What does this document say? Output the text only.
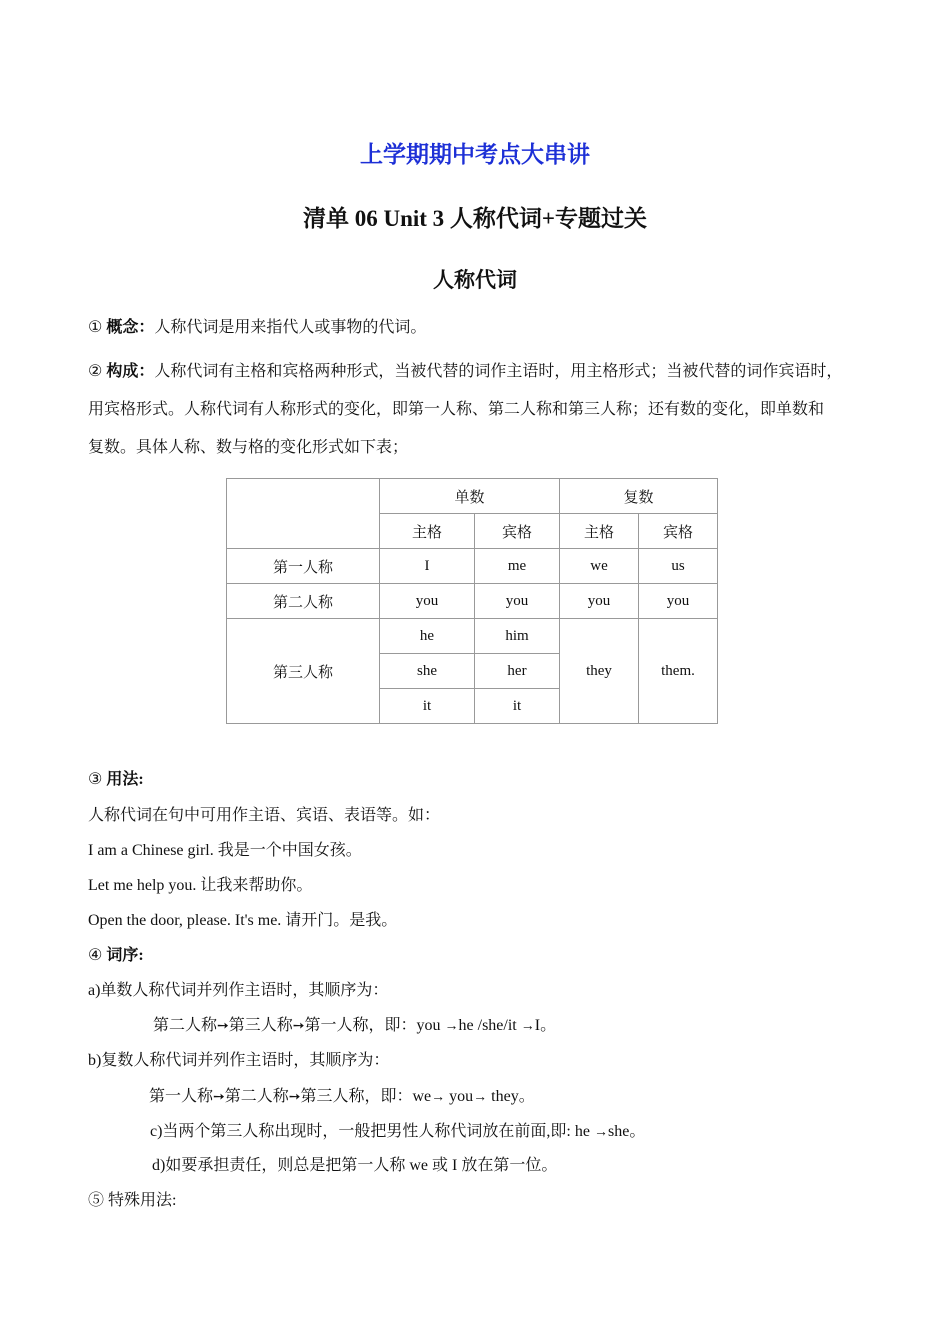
上学期期中考点大串讲
清单 06 Unit 3 人称代词+专题过关
人称代词

① 概念：人称代词是用来指代人或事物的代词。

② 构成：人称代词有主格和宾格两种形式，当被代替的词作主语时，用主格形式；当被代替的词作宾语时，

用宾格形式。人称代词有人称形式的变化，即第一人称、第二人称和第三人称；还有数的变化，即单数和

复数。具体人称、数与格的变化形式如下表；

	单数		复数	
	主格	宾格	主格	宾格
第一人称	I	me	we	us
第二人称	you	you	you	you
第三人称	he	him	they	them.
	she	her		
	it	it		

③ 用法:

人称代词在句中可用作主语、宾语、表语等。如：

I am a Chinese girl. 我是一个中国女孩。

Let me help you. 让我来帮助你。

Open the door, please. It's me. 请开门。是我。

④ 词序:

a)单数人称代词并列作主语时，其顺序为：

第二人称➙第三人称➙第一人称，即：you →he /she/it →I。

b)复数人称代词并列作主语时，其顺序为：

第一人称➙第二人称➙第三人称，即：we→ you→ they。

c)当两个第三人称出现时，一般把男性人称代词放在前面,即: he →she。

d)如要承担责任，则总是把第一人称 we 或 I 放在第一位。

⑤ 特殊用法:
